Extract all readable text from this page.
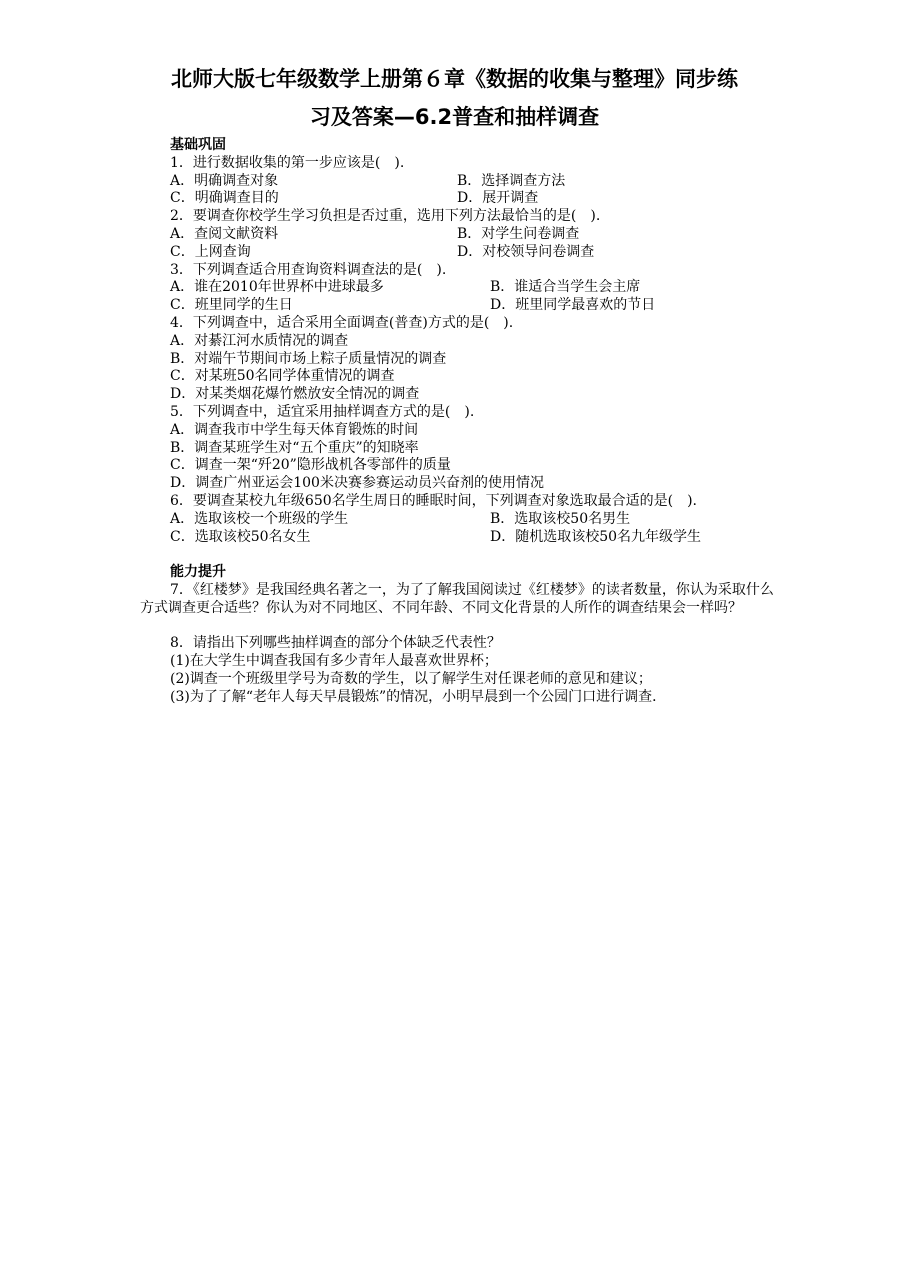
北师大版七年级数学上册第６章《数据的收集与整理》同步练
习及答案—6.2普查和抽样调查
基础巩固
1．进行数据收集的第一步应该是(　).
A．明确调查对象	B．选择调查方法
C．明确调查目的	D．展开调查
2．要调查你校学生学习负担是否过重，选用下列方法最恰当的是(　).
A．查阅文献资料	B．对学生问卷调查
C．上网查询	D．对校领导问卷调查
3．下列调查适合用查询资料调查法的是(　).
A．谁在2010年世界杯中进球最多	B．谁适合当学生会主席
C．班里同学的生日	D．班里同学最喜欢的节日
4．下列调查中，适合采用全面调查(普查)方式的是(　).
A．对綦江河水质情况的调查
B．对端午节期间市场上粽子质量情况的调查
C．对某班50名同学体重情况的调查
D．对某类烟花爆竹燃放安全情况的调查
5．下列调查中，适宜采用抽样调查方式的是(　).
A．调查我市中学生每天体育锻炼的时间
B．调查某班学生对“五个重庆”的知晓率
C．调查一架“歼20”隐形战机各零部件的质量
D．调查广州亚运会100米决赛参赛运动员兴奋剂的使用情况
6．要调查某校九年级650名学生周日的睡眠时间，下列调查对象选取最合适的是(　).
A．选取该校一个班级的学生	B．选取该校50名男生
C．选取该校50名女生	D．随机选取该校50名九年级学生
能力提升
7．《红楼梦》是我国经典名著之一，为了了解我国阅读过《红楼梦》的读者数量，你认为采取什么方式调查更合适些？你认为对不同地区、不同年龄、不同文化背景的人所作的调查结果会一样吗？
8．请指出下列哪些抽样调查的部分个体缺乏代表性？
(1)在大学生中调查我国有多少青年人最喜欢世界杯；
(2)调查一个班级里学号为奇数的学生，以了解学生对任课老师的意见和建议；
(3)为了了解“老年人每天早晨锻炼”的情况，小明早晨到一个公园门口进行调查．
